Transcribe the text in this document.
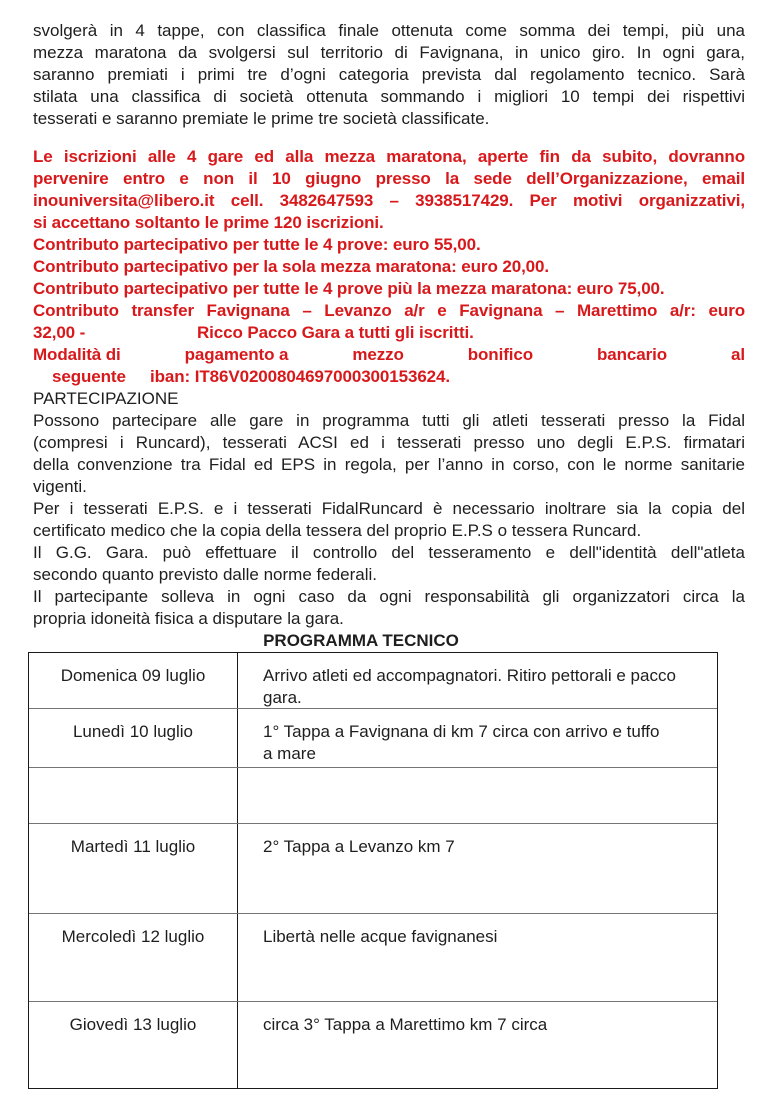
svolgerà in 4 tappe, con classifica finale ottenuta come somma dei tempi, più una
mezza maratona da svolgersi sul territorio di Favignana, in unico giro. In ogni gara,
saranno premiati i primi tre d’ogni categoria prevista dal regolamento tecnico. Sarà
stilata una classifica di società ottenuta sommando i migliori 10 tempi dei rispettivi
tesserati e saranno premiate le prime tre società classificate.
Le iscrizioni alle 4 gare ed alla mezza maratona, aperte fin da subito, dovranno
pervenire entro e non il 10 giugno presso la sede dell’Organizzazione, email
inouniversita@libero.it cell. 3482647593 – 3938517429. Per motivi organizzativi,
si accettano soltanto le prime 120 iscrizioni.
Contributo partecipativo per tutte le 4 prove: euro 55,00.
Contributo partecipativo per la sola mezza maratona: euro 20,00.
Contributo partecipativo per tutte le 4 prove più la mezza maratona: euro 75,00.
Contributo transfer Favignana – Levanzo a/r e Favignana – Marettimo a/r: euro
32,00 -	Ricco Pacco Gara a tutti gli iscritti.
Modalità di	pagamento a	mezzo	bonifico	bancario	al
seguente iban: IT86V0200804697000300153624.
PARTECIPAZIONE
Possono partecipare alle gare in programma tutti gli atleti tesserati presso la Fidal
(compresi i Runcard), tesserati ACSI ed i tesserati presso uno degli E.P.S. firmatari
della convenzione tra Fidal ed EPS in regola, per l’anno in corso, con le norme sanitarie
vigenti.
Per i tesserati E.P.S. e i tesserati FidalRuncard è necessario inoltrare sia la copia del
certificato medico che la copia della tessera del proprio E.P.S o tessera Runcard.
Il G.G. Gara. può effettuare il controllo del tesseramento e dell"identità dell"atleta
secondo quanto previsto dalle norme federali.
Il partecipante solleva in ogni caso da ogni responsabilità gli organizzatori circa la
propria idoneità fisica a disputare la gara.
PROGRAMMA TECNICO
Domenica 09 luglio	Arrivo atleti ed accompagnatori. Ritiro pettorali e pacco
gara.
Lunedì 10 luglio	1° Tappa a Favignana di km 7 circa con arrivo e tuffo
a mare
Martedì 11 luglio	2° Tappa a Levanzo km 7
Mercoledì 12 luglio	Libertà nelle acque favignanesi
Giovedì 13 luglio	circa 3° Tappa a Marettimo km 7 circa
